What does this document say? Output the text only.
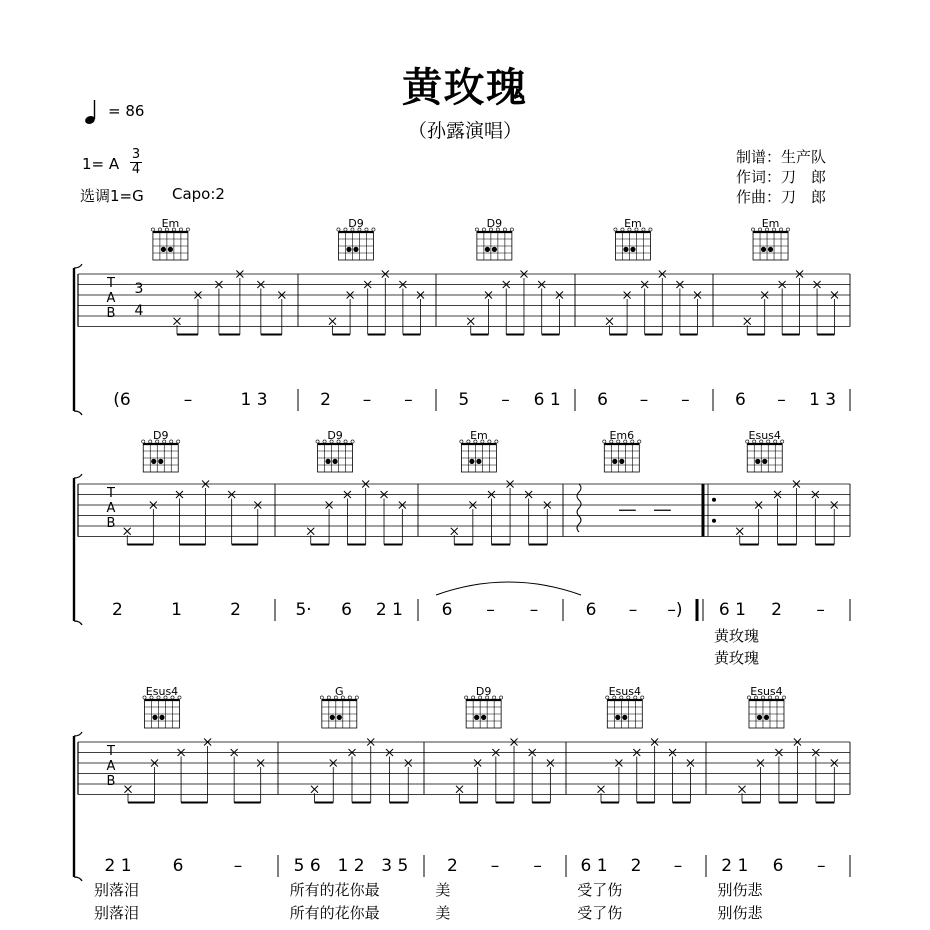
黄玫瑰
（孙露演唱）
= 86
1= A
3
4
选调1=G Capo:2
制谱：生产队
作词：刀　郎
作曲：刀　郎
T
A
B
3
4
Em
(6	–	1 3
D9
2 – –
D9
5 – 6 1
Em
6 – –
Em
6 – 1 3
T
A
B
D9
2	1	2
黄玫瑰
黄玫瑰
D9
5· 6 2 1
Em
6 – –
Em6
6 – –)
Esus4
6 1 2 –
T
A
B
Esus4
2 1 6	–
别落泪
别落泪
G
5 6 1 2 3 5
所有的花你最
所有的花你最
D9
2 – –
美
美
Esus4
6 1 2 –
受了伤
受了伤
Esus4
2 1 6 –
别伤悲
别伤悲
